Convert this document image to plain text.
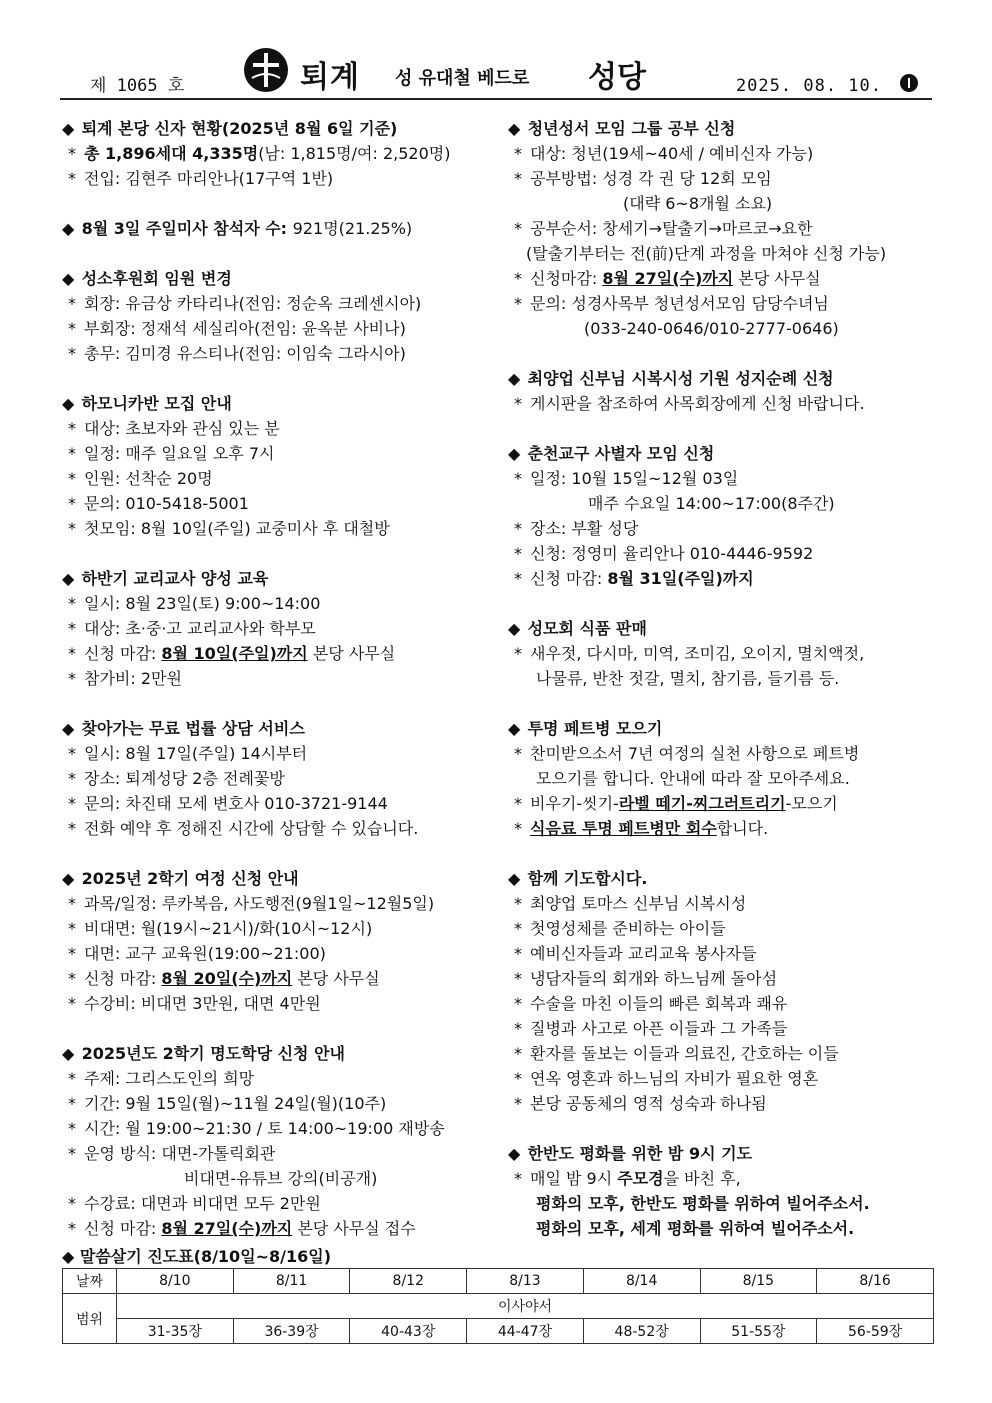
제 1065 호	퇴계 성 유대철 베드로 성당	2025. 08. 10.
◆ 퇴계 본당 신자 현황(2025년 8월 6일 기준)
* 총 1,896세대 4,335명(남: 1,815명/여: 2,520명)
* 전입: 김현주 마리안나(17구역 1반)
◆ 8월 3일 주일미사 참석자 수: 921명(21.25%)
◆ 성소후원회 임원 변경
* 회장: 유금상 카타리나(전임: 정순옥 크레센시아)
* 부회장: 정재석 세실리아(전임: 윤옥분 사비나)
* 총무: 김미경 유스티나(전임: 이임숙 그라시아)
◆ 하모니카반 모집 안내
* 대상: 초보자와 관심 있는 분
* 일정: 매주 일요일 오후 7시
* 인원: 선착순 20명
* 문의: 010-5418-5001
* 첫모임: 8월 10일(주일) 교중미사 후 대철방
◆ 하반기 교리교사 양성 교육
* 일시: 8월 23일(토) 9:00~14:00
* 대상: 초·중·고 교리교사와 학부모
* 신청 마감: 8월 10일(주일)까지 본당 사무실
* 참가비: 2만원
◆ 찾아가는 무료 법률 상담 서비스
* 일시: 8월 17일(주일) 14시부터
* 장소: 퇴계성당 2층 전례꽃방
* 문의: 차진태 모세 변호사 010-3721-9144
* 전화 예약 후 정해진 시간에 상담할 수 있습니다.
◆ 2025년 2학기 여정 신청 안내
* 과목/일정: 루카복음, 사도행전(9월1일~12월5일)
* 비대면: 월(19시~21시)/화(10시~12시)
* 대면: 교구 교육원(19:00~21:00)
* 신청 마감: 8월 20일(수)까지 본당 사무실
* 수강비: 비대면 3만원, 대면 4만원
◆ 2025년도 2학기 명도학당 신청 안내
* 주제: 그리스도인의 희망
* 기간: 9월 15일(월)~11월 24일(월)(10주)
* 시간: 월 19:00~21:30 / 토 14:00~19:00 재방송
* 운영 방식: 대면-가톨릭회관
비대면-유튜브 강의(비공개)
* 수강료: 대면과 비대면 모두 2만원
* 신청 마감: 8월 27일(수)까지 본당 사무실 접수
◆ 청년성서 모임 그룹 공부 신청
* 대상: 청년(19세~40세 / 예비신자 가능)
* 공부방법: 성경 각 권 당 12회 모임
(대략 6~8개월 소요)
* 공부순서: 창세기→탈출기→마르코→요한
(탈출기부터는 전(前)단계 과정을 마쳐야 신청 가능)
* 신청마감: 8월 27일(수)까지 본당 사무실
* 문의: 성경사목부 청년성서모임 담당수녀님
(033-240-0646/010-2777-0646)
◆ 최양업 신부님 시복시성 기원 성지순례 신청
* 게시판을 참조하여 사목회장에게 신청 바랍니다.
◆ 춘천교구 사별자 모임 신청
* 일정: 10월 15일~12월 03일
매주 수요일 14:00~17:00(8주간)
* 장소: 부활 성당
* 신청: 정영미 율리안나 010-4446-9592
* 신청 마감: 8월 31일(주일)까지
◆ 성모회 식품 판매
* 새우젓, 다시마, 미역, 조미김, 오이지, 멸치액젓,
나물류, 반찬 젓갈, 멸치, 참기름, 들기름 등.
◆ 투명 페트병 모으기
* 찬미받으소서 7년 여정의 실천 사항으로 페트병
모으기를 합니다. 안내에 따라 잘 모아주세요.
* 비우기-씻기-라벨 떼기-찌그러트리기-모으기
* 식음료 투명 페트병만 회수합니다.
◆ 함께 기도합시다.
* 최양업 토마스 신부님 시복시성
* 첫영성체를 준비하는 아이들
* 예비신자들과 교리교육 봉사자들
* 냉담자들의 회개와 하느님께 돌아섬
* 수술을 마친 이들의 빠른 회복과 쾌유
* 질병과 사고로 아픈 이들과 그 가족들
* 환자를 돌보는 이들과 의료진, 간호하는 이들
* 연옥 영혼과 하느님의 자비가 필요한 영혼
* 본당 공동체의 영적 성숙과 하나됨
◆ 한반도 평화를 위한 밤 9시 기도
* 매일 밤 9시 주모경을 바친 후,
평화의 모후, 한반도 평화를 위하여 빌어주소서.
평화의 모후, 세계 평화를 위하여 빌어주소서.
◆ 말씀살기 진도표(8/10일~8/16일)
날짜	8/10	8/11	8/12	8/13	8/14	8/15	8/16
범위	이사야서						
	31-35장	36-39장	40-43장	44-47장	48-52장	51-55장	56-59장
